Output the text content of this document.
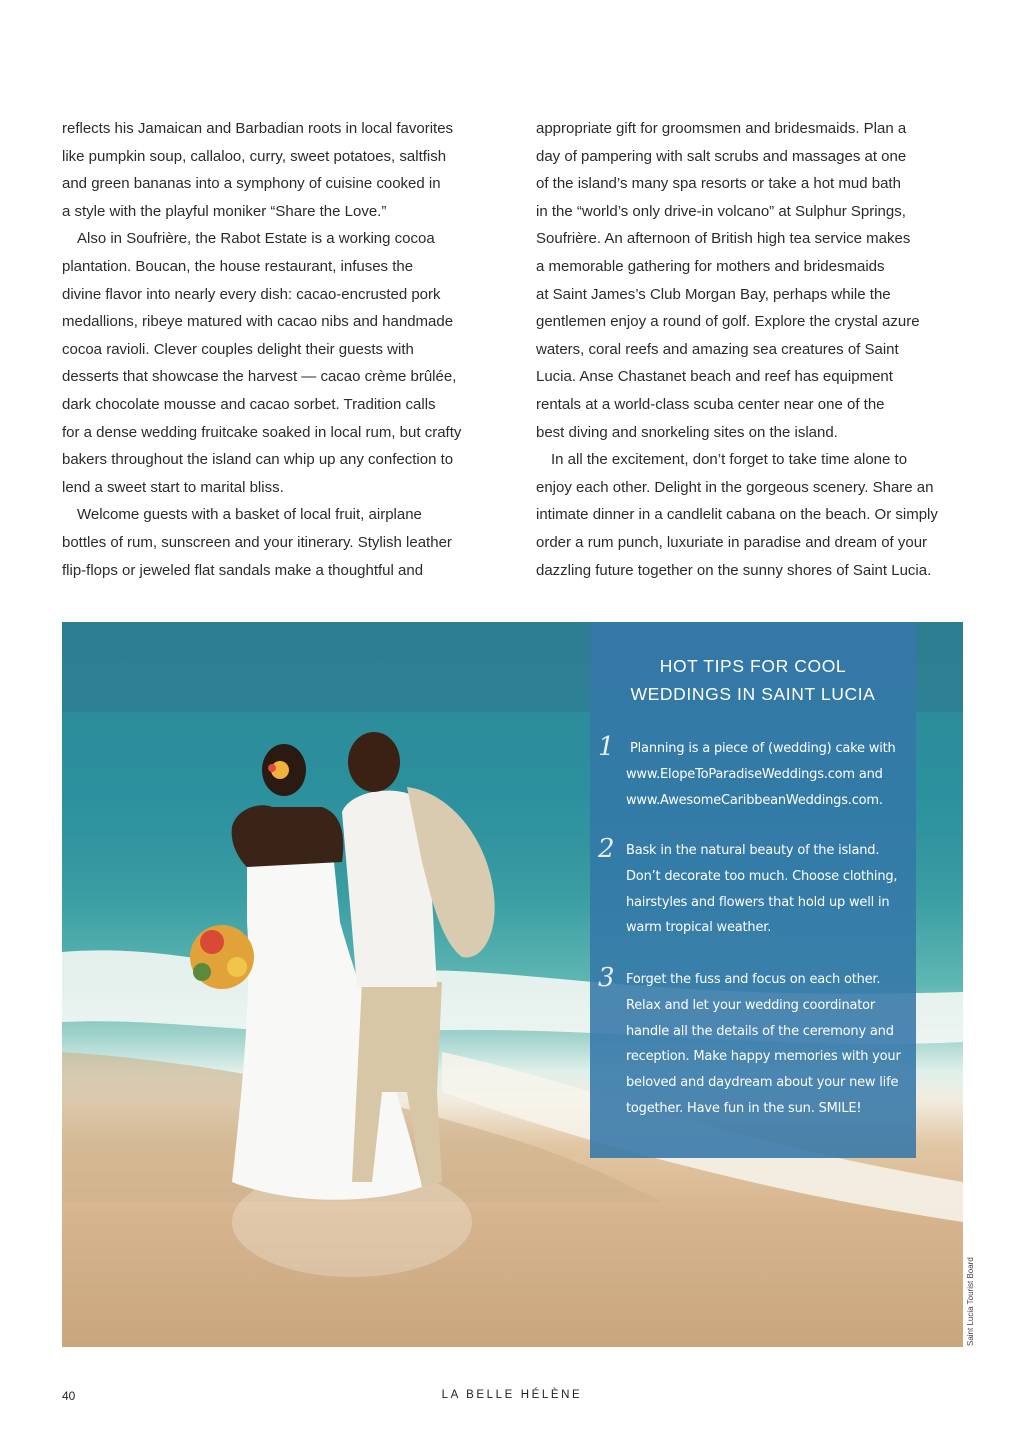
reflects his Jamaican and Barbadian roots in local favorites
like pumpkin soup, callaloo, curry, sweet potatoes, saltfish
and green bananas into a symphony of cuisine cooked in
a style with the playful moniker “Share the Love.”
Also in Soufrière, the Rabot Estate is a working cocoa
plantation. Boucan, the house restaurant, infuses the
divine flavor into nearly every dish: cacao-encrusted pork
medallions, ribeye matured with cacao nibs and handmade
cocoa ravioli. Clever couples delight their guests with
desserts that showcase the harvest — cacao crème brûlée,
dark chocolate mousse and cacao sorbet. Tradition calls
for a dense wedding fruitcake soaked in local rum, but crafty
bakers throughout the island can whip up any confection to
lend a sweet start to marital bliss.
Welcome guests with a basket of local fruit, airplane
bottles of rum, sunscreen and your itinerary. Stylish leather
flip-flops or jeweled flat sandals make a thoughtful and
appropriate gift for groomsmen and bridesmaids. Plan a
day of pampering with salt scrubs and massages at one
of the island’s many spa resorts or take a hot mud bath
in the “world’s only drive-in volcano” at Sulphur Springs,
Soufrière. An afternoon of British high tea service makes
a memorable gathering for mothers and bridesmaids
at Saint James’s Club Morgan Bay, perhaps while the
gentlemen enjoy a round of golf. Explore the crystal azure
waters, coral reefs and amazing sea creatures of Saint
Lucia. Anse Chastanet beach and reef has equipment
rentals at a world-class scuba center near one of the
best diving and snorkeling sites on the island.
In all the excitement, don’t forget to take time alone to
enjoy each other. Delight in the gorgeous scenery. Share an
intimate dinner in a candlelit cabana on the beach. Or simply
order a rum punch, luxuriate in paradise and dream of your
dazzling future together on the sunny shores of Saint Lucia.
HOT TIPS FOR COOL
WEDDINGS IN SAINT LUCIA
1 Planning is a piece of (wedding) cake with
www.ElopeToParadiseWeddings.com and
www.AwesomeCaribbeanWeddings.com.
2 Bask in the natural beauty of the island.
Don’t decorate too much. Choose clothing,
hairstyles and flowers that hold up well in
warm tropical weather.
3 Forget the fuss and focus on each other.
Relax and let your wedding coordinator
handle all the details of the ceremony and
reception. Make happy memories with your
beloved and daydream about your new life
together. Have fun in the sun. SMILE!
Saint Lucia Tourist Board
40	LA BELLE HÉLÈNE
